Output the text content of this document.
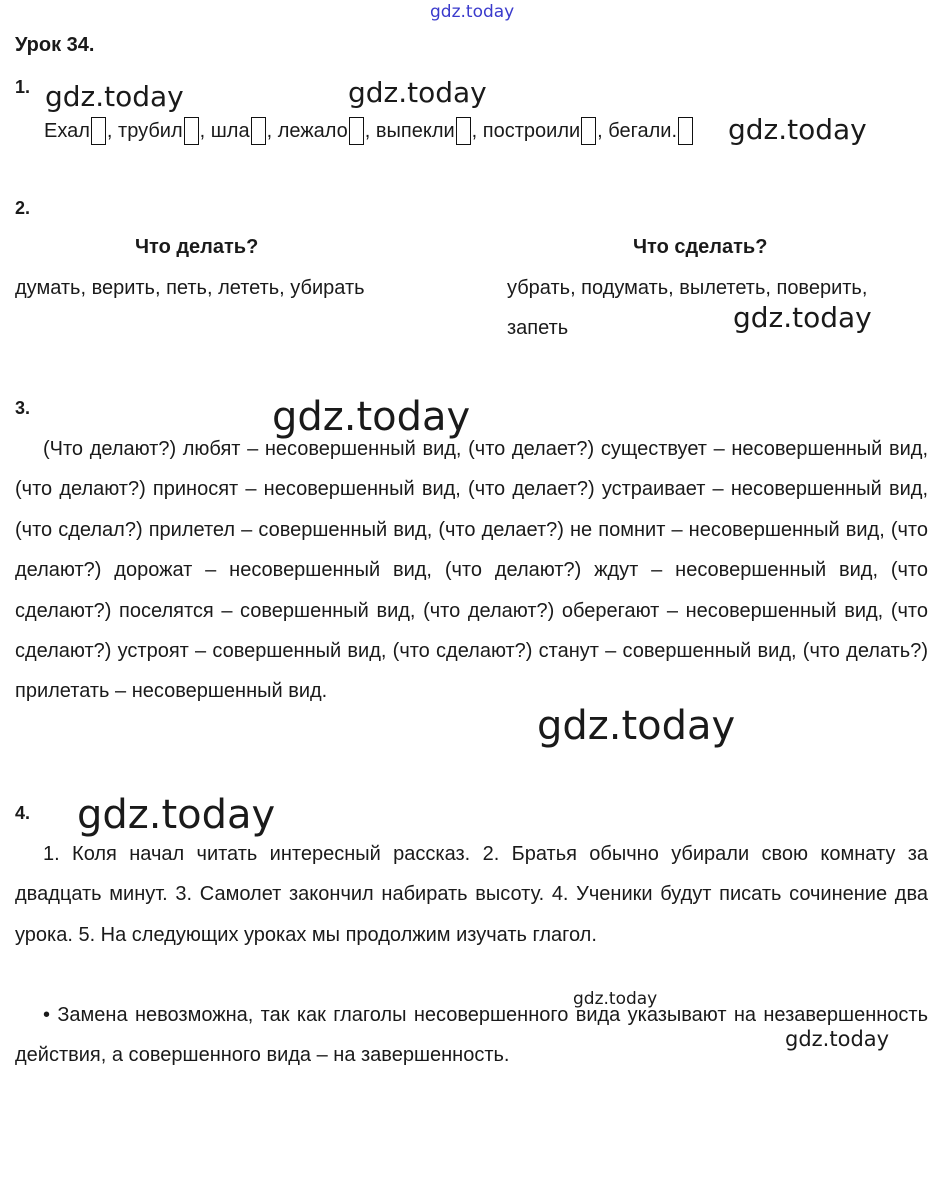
gdz.today
Урок 34.
1. gdz.today	gdz.today
Ехал , трубил , шла , лежало , выпекли , построили , бегали.	gdz.today
2.
Что делать?	Что сделать?
думать, верить, петь, лететь, убирать	убрать, подумать, вылететь, поверить,
запеть	gdz.today
3.	gdz.today
(Что делают?) любят – несовершенный вид, (что делает?) существует – несовершенный вид, (что делают?) приносят – несовершенный вид, (что делает?) устраивает – несовершенный вид, (что сделал?) прилетел – совершенный вид, (что делает?) не помнит – несовершенный вид, (что делают?) дорожат – несовершенный вид, (что делают?) ждут – несовершенный вид, (что сделают?) поселятся – совершенный вид, (что делают?) оберегают – несовершенный вид, (что сделают?) устроят – совершенный вид, (что сделают?) станут – совершенный вид, (что делать?) прилетать – несовершенный вид.
gdz.today
4. gdz.today
1. Коля начал читать интересный рассказ. 2. Братья обычно убирали свою комнату за двадцать минут. 3. Самолет закончил набирать высоту. 4. Ученики будут писать сочинение два урока. 5. На следующих уроках мы продолжим изучать глагол.
gdz.today
• Замена невозможна, так как глаголы несовершенного вида указывают на незавершенность действия, а совершенного вида – на завершенность.
gdz.today
